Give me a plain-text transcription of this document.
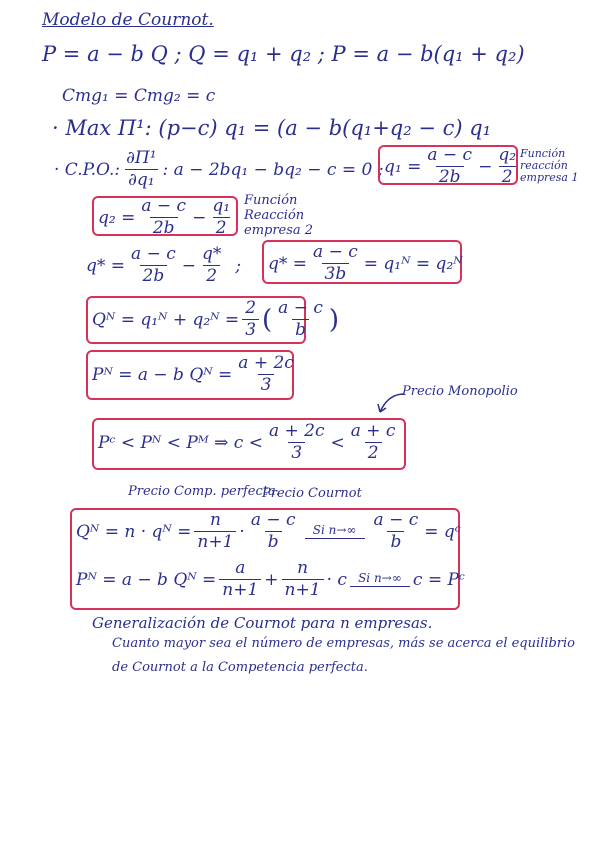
Modelo de Cournot.
P = a − b Q ; Q = q₁ + q₂ ; P = a − b(q₁ + q₂)
Cmg₁ = Cmg₂ = c
· Max Π¹: (p−c) q₁ = (a − b(q₁+q₂ − c) q₁
· C.P.O.: $\frac{\text{∂Π¹}}{\text{∂q₁}}$ : a − 2bq₁ − bq₂ − c = 0 ; $q_1 = \frac{a - c}{2b} - \frac{\text{q₂}}{2}$ Función reacción empresa 1
$q_2 = \frac{a - c}{2b} - \frac{\text{q₁}}{2}$ Función Reacción empresa 2
$q* = \frac{a - c}{2b} - \frac{q*}{2}$ ; $q* = \frac{a - c}{3b}$ = q₁ᴺ = q₂ᴺ
Qᴺ = q₁ᴺ + q₂ᴺ = $\frac{2}{3}$ ( $\frac{a - c}{b}$ )
Pᴺ = a − b Qᴺ = $\frac{a + 2c}{3}$	Precio Monopolio
Pᶜ < Pᴺ < Pᴹ ⇒ $c < \frac{a + 2c}{3} < \frac{a + c}{2}$
Precio Comp. perfecta.
Precio Cournot
Qᴺ = n · qᴺ = $\frac{n}{n+1} \cdot \frac{a - c}{b}$ Si $n\to\infty \frac{a - c}{b}$ = qᶜ
Pᴺ = a − b Qᴺ = $\frac{a}{n+1} + \frac{n}{n+1} \cdot c$ Si n→∞ c = Pᶜ
Generalización de Cournot para n empresas.
Cuanto mayor sea el número de empresas, más se acerca el equilibrio
de Cournot a la Competencia perfecta.
